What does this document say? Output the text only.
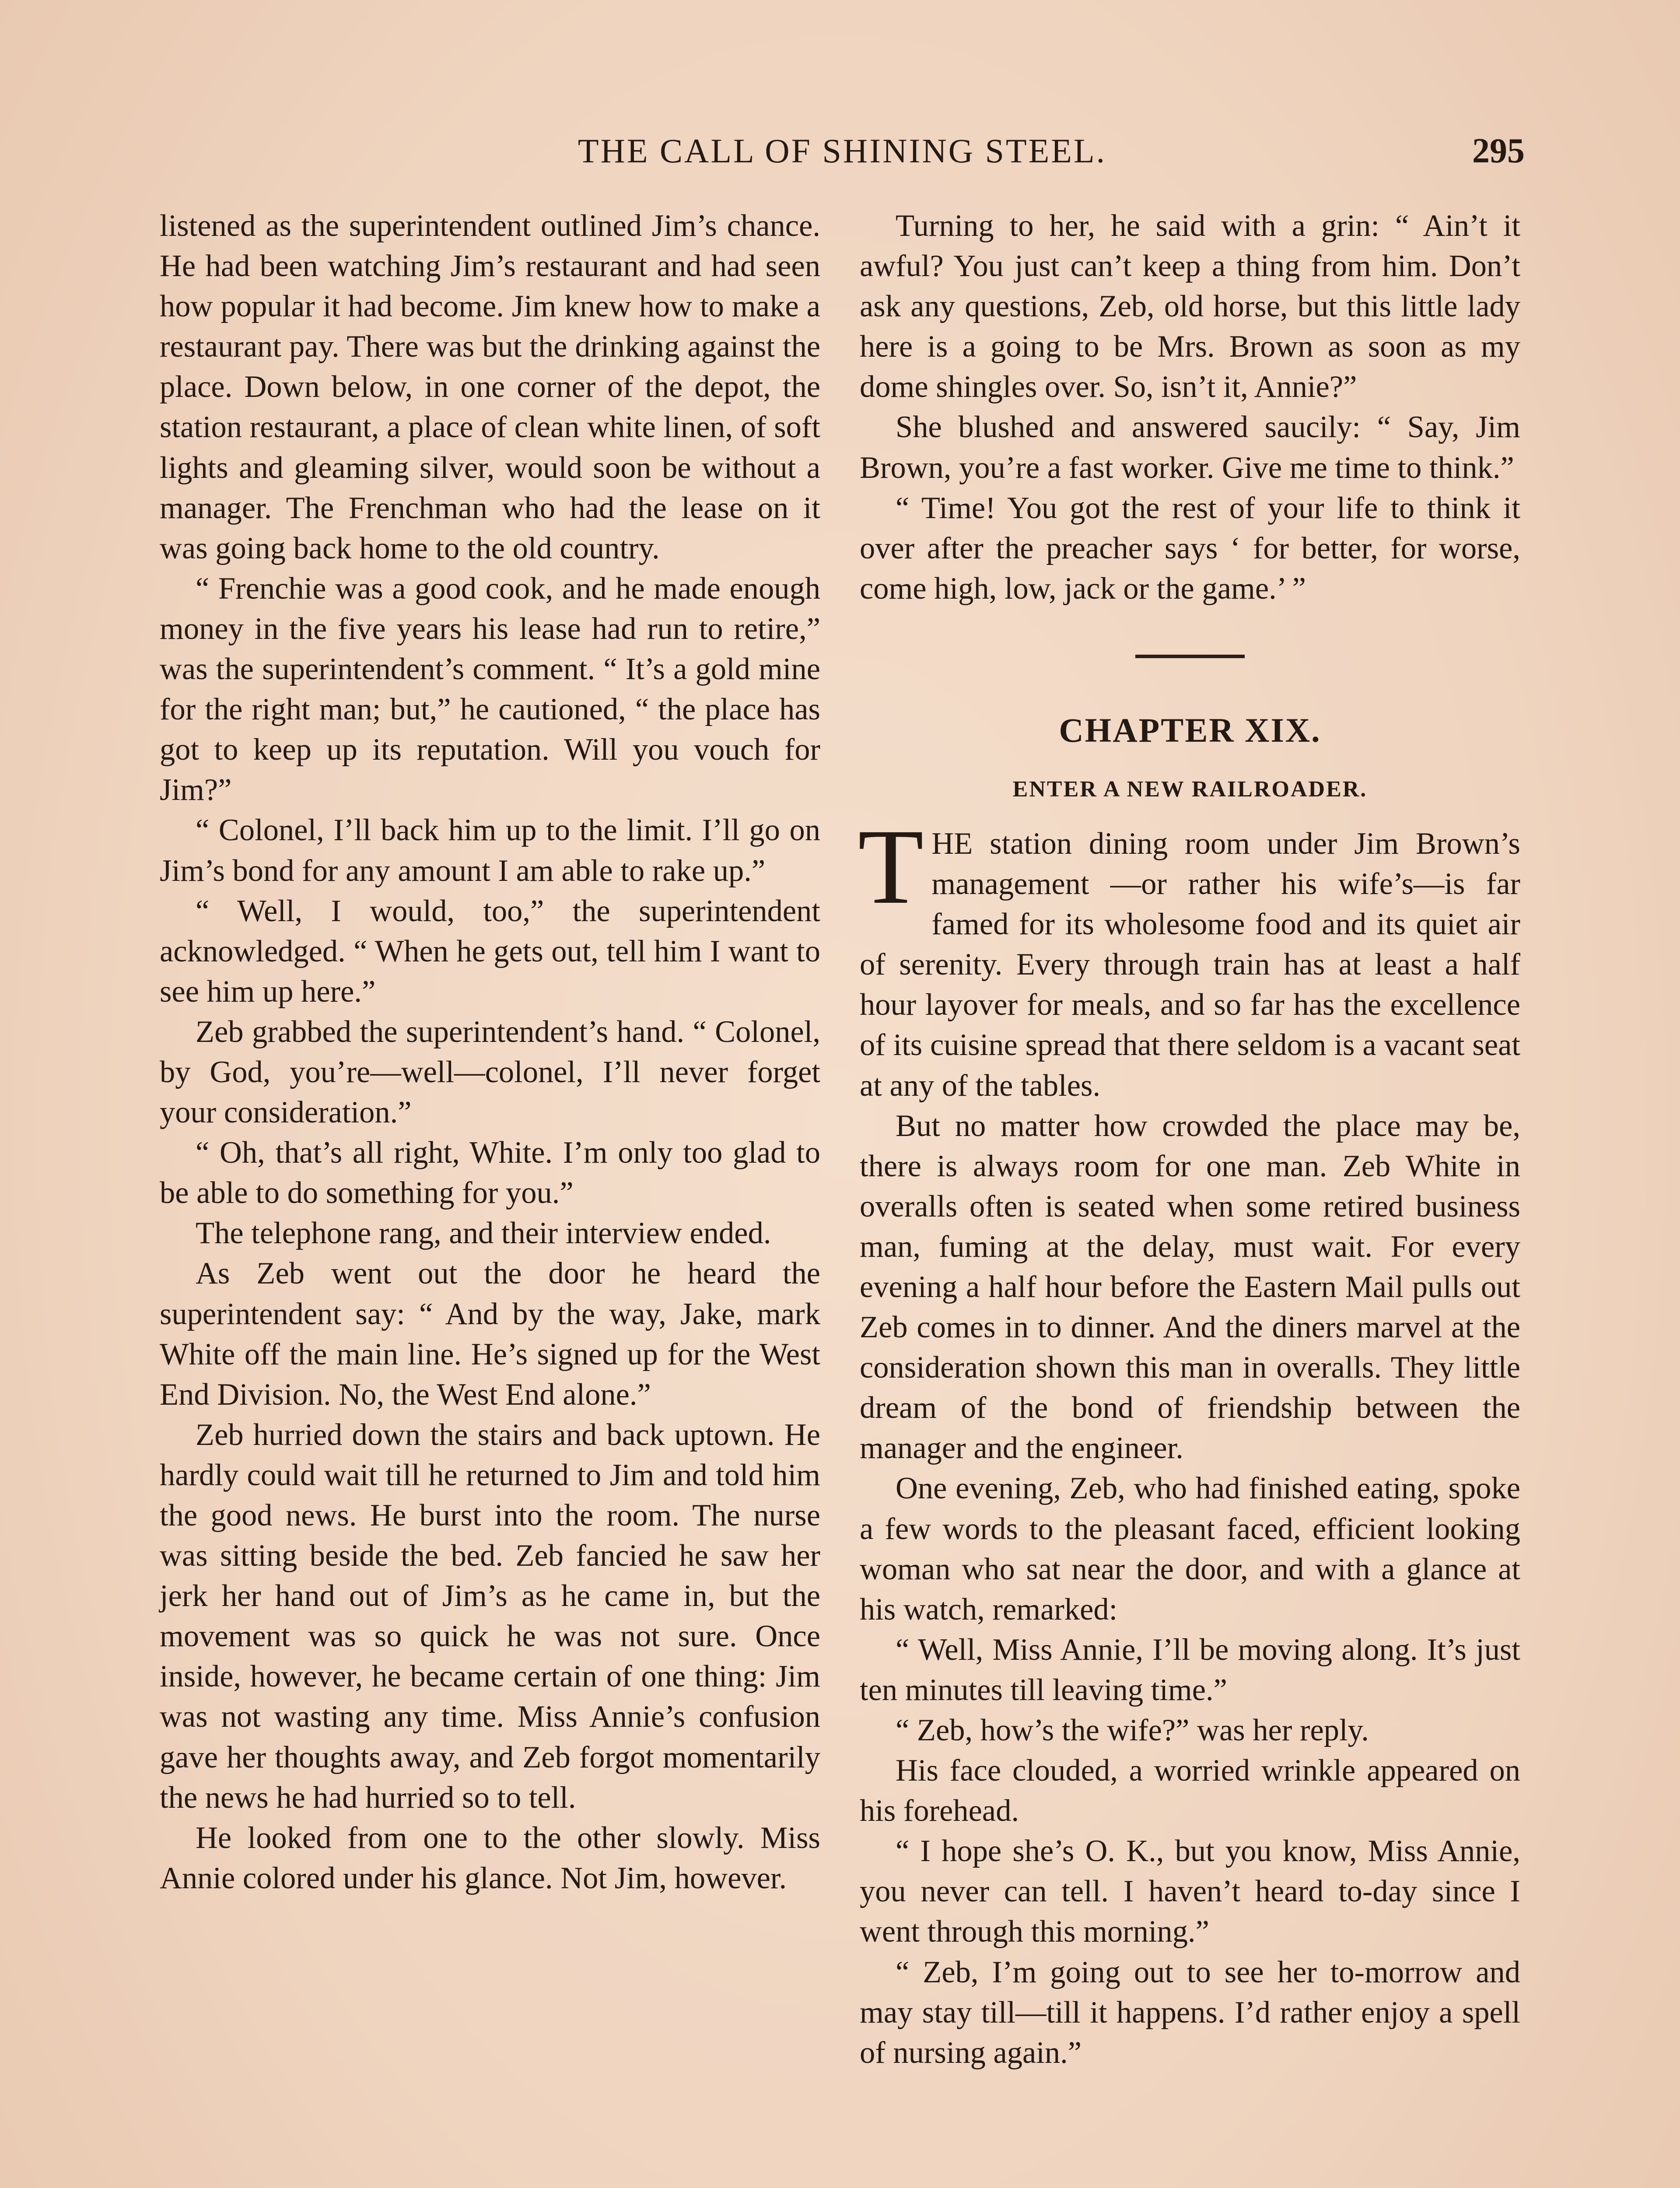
THE CALL OF SHINING STEEL.	295

listened as the superintendent outlined Jim’s chance. He had been watching Jim’s restaurant and had seen how popular it had become. Jim knew how to make a restaurant pay. There was but the drinking against the place. Down below, in one corner of the depot, the station restaurant, a place of clean white linen, of soft lights and gleaming silver, would soon be without a manager. The Frenchman who had the lease on it was going back home to the old country.

“ Frenchie was a good cook, and he made enough money in the five years his lease had run to retire,” was the superintendent’s comment. “ It’s a gold mine for the right man; but,” he cautioned, “ the place has got to keep up its reputation. Will you vouch for Jim?”

“ Colonel, I’ll back him up to the limit. I’ll go on Jim’s bond for any amount I am able to rake up.”

“ Well, I would, too,” the superintendent acknowledged. “ When he gets out, tell him I want to see him up here.”

Zeb grabbed the superintendent’s hand. “ Colonel, by God, you’re—well—colonel, I’ll never forget your consideration.”

“ Oh, that’s all right, White. I’m only too glad to be able to do something for you.”

The telephone rang, and their interview ended.

As Zeb went out the door he heard the superintendent say: “ And by the way, Jake, mark White off the main line. He’s signed up for the West End Division. No, the West End alone.”

Zeb hurried down the stairs and back uptown. He hardly could wait till he returned to Jim and told him the good news. He burst into the room. The nurse was sitting beside the bed. Zeb fancied he saw her jerk her hand out of Jim’s as he came in, but the movement was so quick he was not sure. Once inside, however, he became certain of one thing: Jim was not wasting any time. Miss Annie’s confusion gave her thoughts away, and Zeb forgot momentarily the news he had hurried so to tell.

He looked from one to the other slowly. Miss Annie colored under his glance. Not Jim, however.

Turning to her, he said with a grin: “ Ain’t it awful? You just can’t keep a thing from him. Don’t ask any questions, Zeb, old horse, but this little lady here is a going to be Mrs. Brown as soon as my dome shingles over. So, isn’t it, Annie?”

She blushed and answered saucily: “ Say, Jim Brown, you’re a fast worker. Give me time to think.”

“ Time! You got the rest of your life to think it over after the preacher says ‘ for better, for worse, come high, low, jack or the game.’ ”

CHAPTER XIX.
ENTER A NEW RAILROADER.

THE station dining room under Jim Brown’s management —or rather his wife’s—is far famed for its wholesome food and its quiet air of serenity. Every through train has at least a half hour layover for meals, and so far has the excellence of its cuisine spread that there seldom is a vacant seat at any of the tables.

But no matter how crowded the place may be, there is always room for one man. Zeb White in overalls often is seated when some retired business man, fuming at the delay, must wait. For every evening a half hour before the Eastern Mail pulls out Zeb comes in to dinner. And the diners marvel at the consideration shown this man in overalls. They little dream of the bond of friendship between the manager and the engineer.

One evening, Zeb, who had finished eating, spoke a few words to the pleasant faced, efficient looking woman who sat near the door, and with a glance at his watch, remarked:

“ Well, Miss Annie, I’ll be moving along. It’s just ten minutes till leaving time.”

“ Zeb, how’s the wife?” was her reply.

His face clouded, a worried wrinkle appeared on his forehead.

“ I hope she’s O. K., but you know, Miss Annie, you never can tell. I haven’t heard to-day since I went through this morning.”

“ Zeb, I’m going out to see her to-morrow and may stay till—till it happens. I’d rather enjoy a spell of nursing again.”
